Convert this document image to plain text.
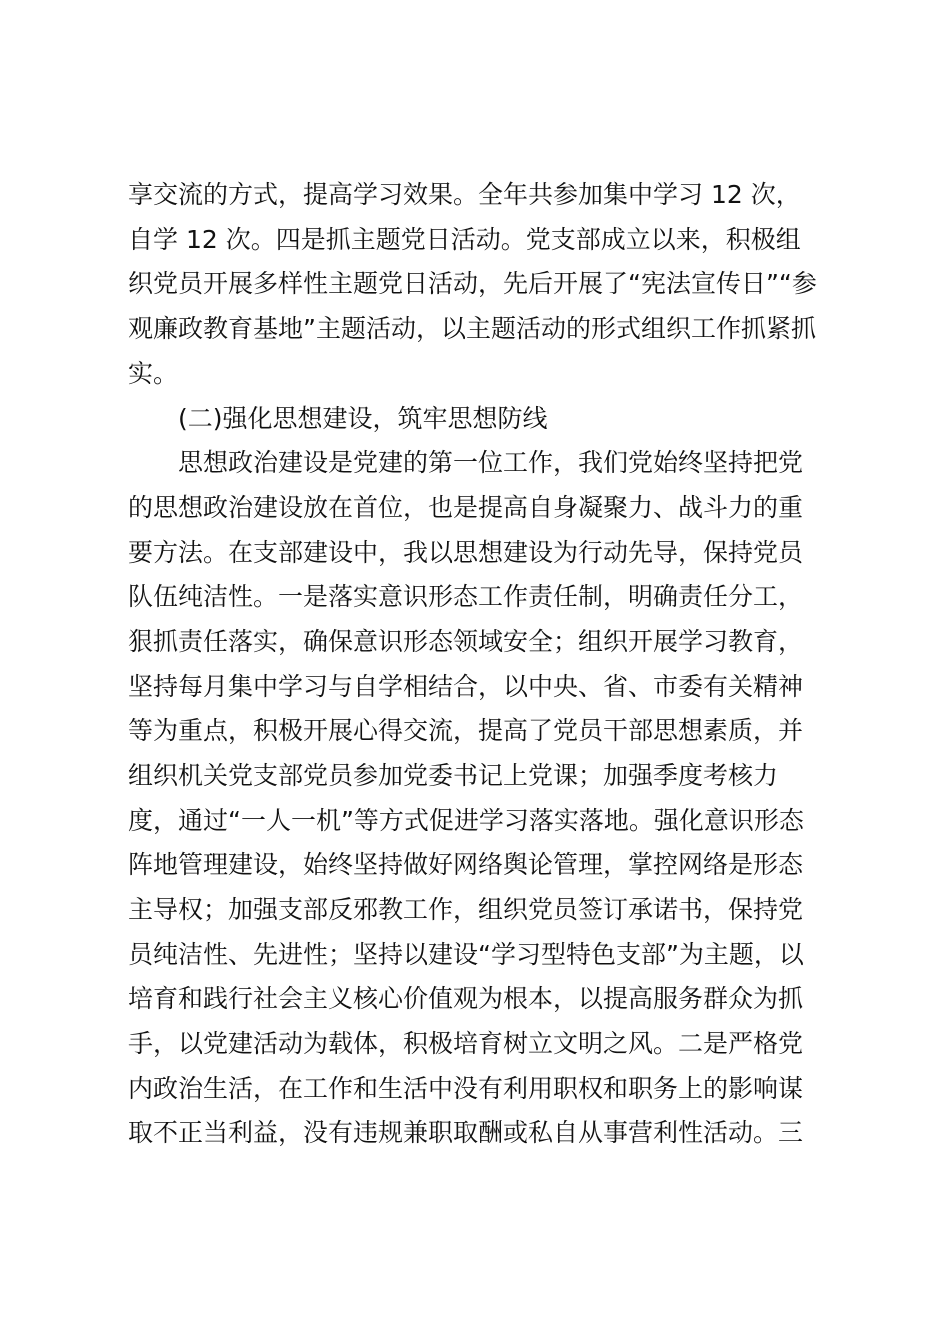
享交流的方式，提高学习效果。全年共参加集中学习 12 次，
自学 12 次。四是抓主题党日活动。党支部成立以来，积极组
织党员开展多样性主题党日活动，先后开展了“宪法宣传日”“参
观廉政教育基地”主题活动，以主题活动的形式组织工作抓紧抓
实。
(二)强化思想建设，筑牢思想防线
思想政治建设是党建的第一位工作，我们党始终坚持把党
的思想政治建设放在首位，也是提高自身凝聚力、战斗力的重
要方法。在支部建设中，我以思想建设为行动先导，保持党员
队伍纯洁性。一是落实意识形态工作责任制，明确责任分工，
狠抓责任落实，确保意识形态领域安全；组织开展学习教育，
坚持每月集中学习与自学相结合，以中央、省、市委有关精神
等为重点，积极开展心得交流，提高了党员干部思想素质，并
组织机关党支部党员参加党委书记上党课；加强季度考核力
度，通过“一人一机”等方式促进学习落实落地。强化意识形态
阵地管理建设，始终坚持做好网络舆论管理，掌控网络是形态
主导权；加强支部反邪教工作，组织党员签订承诺书，保持党
员纯洁性、先进性；坚持以建设“学习型特色支部”为主题，以
培育和践行社会主义核心价值观为根本，以提高服务群众为抓
手，以党建活动为载体，积极培育树立文明之风。二是严格党
内政治生活，在工作和生活中没有利用职权和职务上的影响谋
取不正当利益，没有违规兼职取酬或私自从事营利性活动。三
